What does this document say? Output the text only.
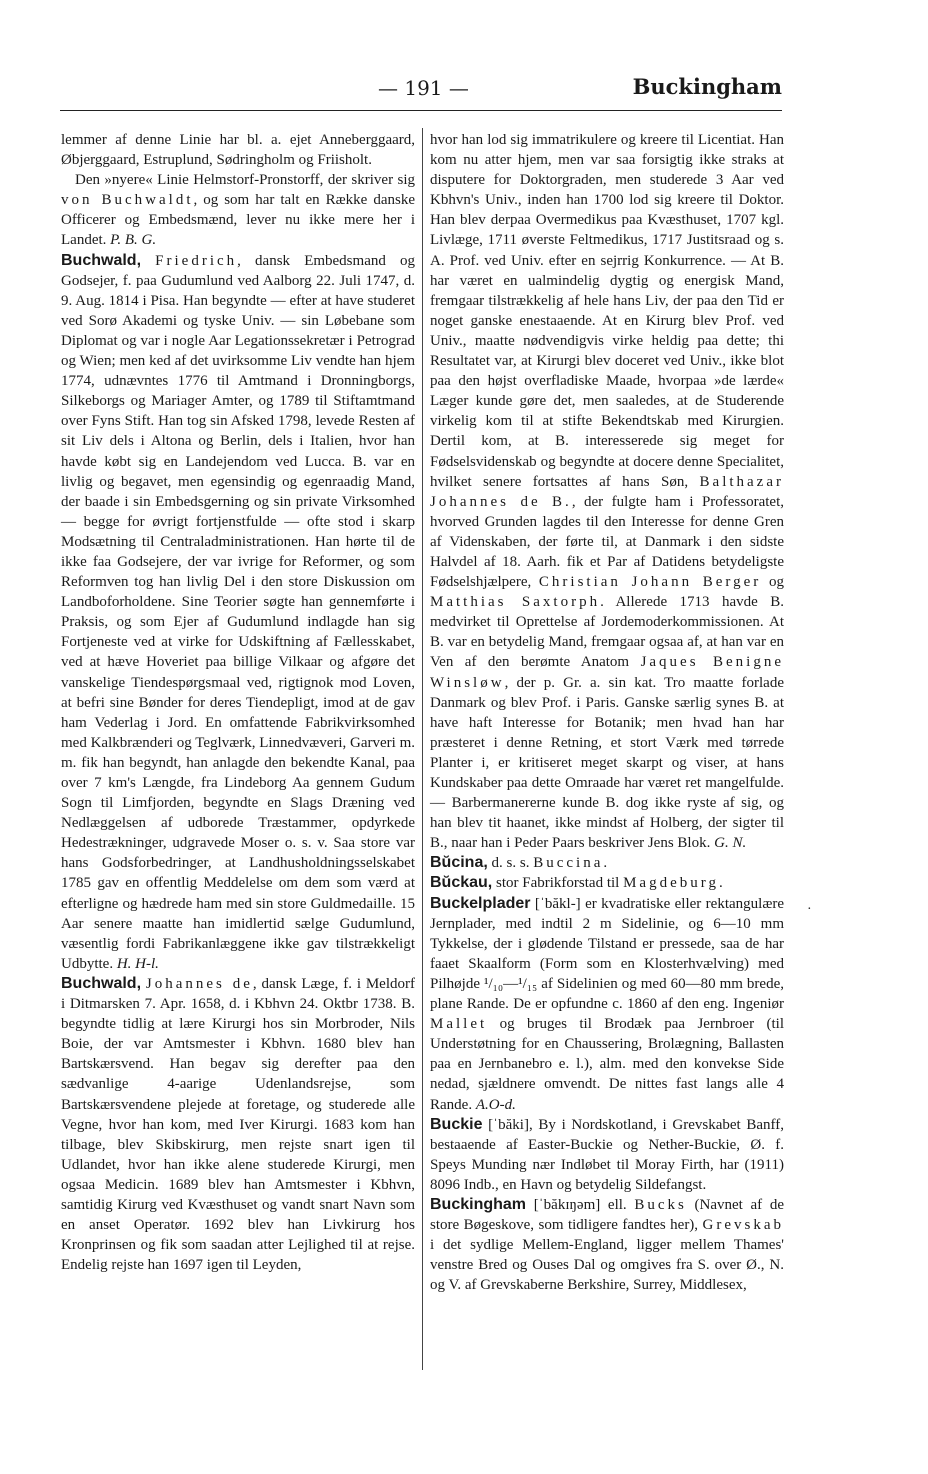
— 191 —	Buckingham

lemmer af denne Linie har bl. a. ejet Anneberggaard, Øbjerggaard, Estruplund, Sødringholm og Friisholt.

Den »nyere« Linie Helmstorf-Pronstorff, der skriver sig von Buchwaldt, og som har talt en Række danske Officerer og Embedsmænd, lever nu ikke mere her i Landet. P. B. G.

Buchwald, Friedrich, dansk Embedsmand og Godsejer, f. paa Gudumlund ved Aalborg 22. Juli 1747, d. 9. Aug. 1814 i Pisa. Han begyndte — efter at have studeret ved Sorø Akademi og tyske Univ. — sin Løbebane som Diplomat og var i nogle Aar Legationssekretær i Petrograd og Wien; men ked af det uvirksomme Liv vendte han hjem 1774, udnævntes 1776 til Amtmand i Dronningborgs, Silkeborgs og Mariager Amter, og 1789 til Stiftamtmand over Fyns Stift. Han tog sin Afsked 1798, levede Resten af sit Liv dels i Altona og Berlin, dels i Italien, hvor han havde købt sig en Landejendom ved Lucca. B. var en livlig og begavet, men egensindig og egenraadig Mand, der baade i sin Embedsgerning og sin private Virksomhed — begge for øvrigt fortjenstfulde — ofte stod i skarp Modsætning til Centraladministrationen. Han hørte til de ikke faa Godsejere, der var ivrige for Reformer, og som Reformven tog han livlig Del i den store Diskussion om Landboforholdene. Sine Teorier søgte han gennemførte i Praksis, og som Ejer af Gudumlund indlagde han sig Fortjeneste ved at virke for Udskiftning af Fællesskabet, ved at hæve Hoveriet paa billige Vilkaar og afgøre det vanskelige Tiendespørgsmaal ved, rigtignok mod Loven, at befri sine Bønder for deres Tiendepligt, imod at de gav ham Vederlag i Jord. En omfattende Fabrikvirksomhed med Kalkbrænderi og Teglværk, Linnedvæveri, Garveri m. m. fik han begyndt, han anlagde den bekendte Kanal, paa over 7 km's Længde, fra Lindeborg Aa gennem Gudum Sogn til Limfjorden, begyndte en Slags Dræning ved Nedlæggelsen af udborede Træstammer, opdyrkede Hedestrækninger, udgravede Moser o. s. v. Saa store var hans Godsforbedringer, at Landhusholdningsselskabet 1785 gav en offentlig Meddelelse om dem som værd at efterligne og hædrede ham med sin store Guldmedaille. 15 Aar senere maatte han imidlertid sælge Gudumlund, væsentlig fordi Fabrikanlæggene ikke gav tilstrækkeligt Udbytte. H. H-l.

Buchwald, Johannes de, dansk Læge, f. i Meldorf i Ditmarsken 7. Apr. 1658, d. i Kbhvn 24. Oktbr 1738. B. begyndte tidlig at lære Kirurgi hos sin Morbroder, Nils Boie, der var Amtsmester i Kbhvn. 1680 blev han Bartskærsvend. Han begav sig derefter paa den sædvanlige 4-aarige Udenlandsrejse, som Bartskærsvendene plejede at foretage, og studerede alle Vegne, hvor han kom, med Iver Kirurgi. 1683 kom han tilbage, blev Skibskirurg, men rejste snart igen til Udlandet, hvor han ikke alene studerede Kirurgi, men ogsaa Medicin. 1689 blev han Amtsmester i Kbhvn, samtidig Kirurg ved Kvæsthuset og vandt snart Navn som en anset Operatør. 1692 blev han Livkirurg hos Kronprinsen og fik som saadan atter Lejlighed til at rejse. Endelig rejste han 1697 igen til Leyden,

hvor han lod sig immatrikulere og kreere til Licentiat. Han kom nu atter hjem, men var saa forsigtig ikke straks at disputere for Doktorgraden, men studerede 3 Aar ved Kbhvn's Univ., inden han 1700 lod sig kreere til Doktor. Han blev derpaa Overmedikus paa Kvæsthuset, 1707 kgl. Livlæge, 1711 øverste Feltmedikus, 1717 Justitsraad og s. A. Prof. ved Univ. efter en sejrrig Konkurrence. — At B. har været en ualmindelig dygtig og energisk Mand, fremgaar tilstrækkelig af hele hans Liv, der paa den Tid er noget ganske enestaaende. At en Kirurg blev Prof. ved Univ., maatte nødvendigvis virke heldig paa dette; thi Resultatet var, at Kirurgi blev doceret ved Univ., ikke blot paa den højst overfladiske Maade, hvorpaa »de lærde« Læger kunde gøre det, men saaledes, at de Studerende virkelig kom til at stifte Bekendtskab med Kirurgien. Dertil kom, at B. interesserede sig meget for Fødselsvidenskab og begyndte at docere denne Specialitet, hvilket senere fortsattes af hans Søn, Balthazar Johannes de B., der fulgte ham i Professoratet, hvorved Grunden lagdes til den Interesse for denne Gren af Videnskaben, der førte til, at Danmark i den sidste Halvdel af 18. Aarh. fik et Par af Datidens betydeligste Fødselshjælpere, Christian Johann Berger og Matthias Saxtorph. Allerede 1713 havde B. medvirket til Oprettelse af Jordemoderkommissionen. At B. var en betydelig Mand, fremgaar ogsaa af, at han var en Ven af den berømte Anatom Jaques Benigne Winsløw, der p. Gr. a. sin kat. Tro maatte forlade Danmark og blev Prof. i Paris. Ganske særlig synes B. at have haft Interesse for Botanik; men hvad han har præsteret i denne Retning, et stort Værk med tørrede Planter i, er kritiseret meget skarpt og viser, at hans Kundskaber paa dette Omraade har været ret mangelfulde. — Barbermanererne kunde B. dog ikke ryste af sig, og han blev tit haanet, ikke mindst af Holberg, der sigter til B., naar han i Peder Paars beskriver Jens Blok. G. N.

Bŭcina, d. s. s. Buccina.

Bŭckau, stor Fabrikforstad til Magdeburg.

Buckelplader [ˈbăkl-] er kvadratiske eller rektangulære Jernplader, med indtil 2 m Sidelinie, og 6—10 mm Tykkelse, der i glødende Tilstand er pressede, saa de har faaet Skaalform (Form som en Klosterhvælving) med Pilhøjde ¹/₁₀—¹/₁₅ af Sidelinien og med 60—80 mm brede, plane Rande. De er opfundne c. 1860 af den eng. Ingeniør Mallet og bruges til Brodæk paa Jernbroer (til Understøtning for en Chaussering, Brolægning, Ballasten paa en Jernbanebro e. l.), alm. med den konvekse Side nedad, sjældnere omvendt. De nittes fast langs alle 4 Rande. A.O-d.

Buckie [ˈbăki], By i Nordskotland, i Grevskabet Banff, bestaaende af Easter-Buckie og Nether-Buckie, Ø. f. Speys Munding nær Indløbet til Moray Firth, har (1911) 8096 Indb., en Havn og betydelig Sildefangst.

Buckingham [ˈbăkɪŋəm] ell. Bucks (Navnet af de store Bøgeskove, som tidligere fandtes her), Grevskab i det sydlige Mellem-England, ligger mellem Thames' venstre Bred og Ouses Dal og omgives fra S. over Ø., N. og V. af Grevskaberne Berkshire, Surrey, Middlesex,

·
